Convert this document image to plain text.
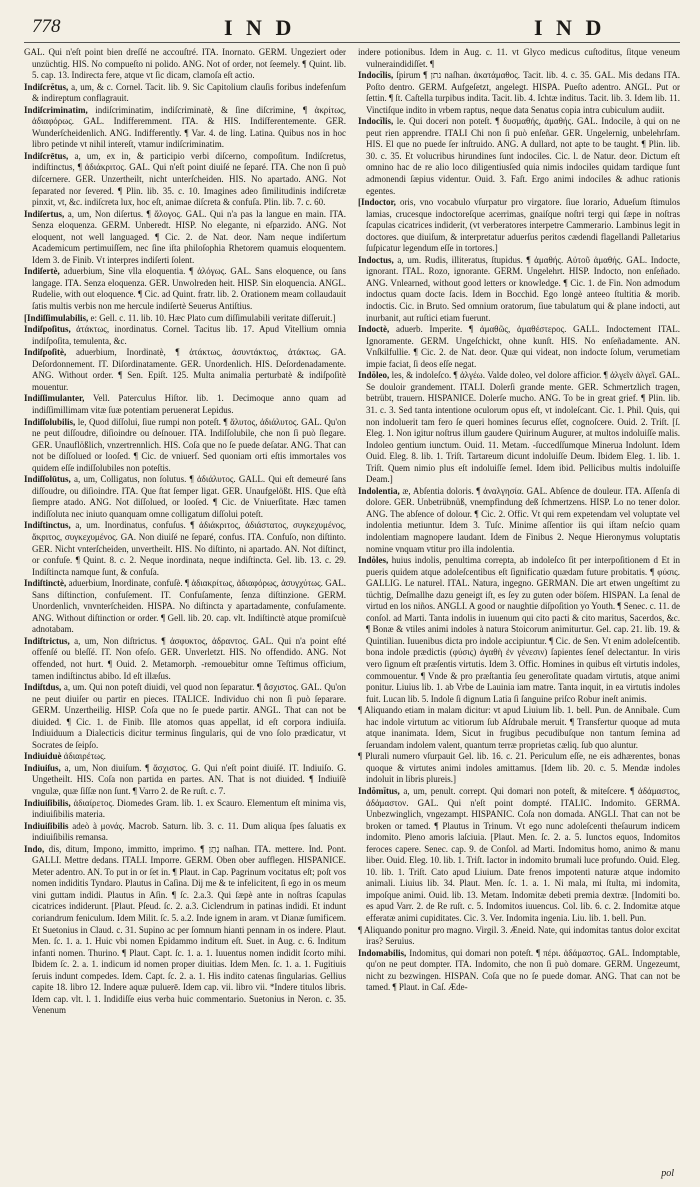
778	I N D	I N D

GAL. Qui n'eſt point bien dreſſé ne accouſtré. ITA. Inornato. GERM. Ungeziert oder unzüchtig. HIS. No compueſto ni polido. ANG. Not of order, not ſeemely. ¶ Quint. lib. 5. cap. 13. Indirecta fere, atque vt ſic dicam, clamoſa eſt actio.

Indiſcrĕtus, a, um, & c. Cornel. Tacit. lib. 9. Sic Capitolium clauſis foribus indefenſum & indireptum conflagrauit.

Indiſcriminatim, indiſcriminatim, indiſcriminatè, & ſine diſcrimine, ¶ ἀκρίτως, ἀδιαφόρως. GAL. Indifferemment. ITA. & HIS. Indiſferentemente. GER. Wunderſcheidenlich. ANG. Indifferently. ¶ Var. 4. de ling. Latina. Quibus nos in hoc libro petinde vt nihil intereſt, vtamur indiſcriminatim.

Indiſcrētus, a, um, ex in, & participio verbi diſcerno, compoſitum. Indiſcretus, indiſtinctus, ¶ ἀδιάκριτος. GAL. Qui n'eſt point diuiſé ne ſeparé. ITA. Che non ſi può diſcernere. GER. Unzertheilt, nicht unterſcheiden. HIS. No apartado. ANG. Not ſeparated nor ſevered. ¶ Plin. lib. 35. c. 10. Imagines adeo ſimilitudinis indiſcretæ pinxit, vt, &c. indiſcreta lux, hoc eſt, animae diſcreta & confuſa. Plin. lib. 7. c. 60.

Indiſertus, a, um, Non diſertus. ¶ ἄλογος. GAL. Qui n'a pas la langue en main. ITA. Senza eloquenza. GERM. Unberedt. HISP. No elegante, ni eſparzido. ANG. Not eloquent, not well languaged. ¶ Cic. 2. de Nat. deor. Nam neque indiſertum Academicum pertimuiſſem, nec ſine iſta philoſophia Rhetorem quamuis eloquentem. Idem 3. de Finib. Vt interpres indiſerti ſolent.

Indiſertè, aduerbium, Sine vlla eloquentia. ¶ ἀλόγως. GAL. Sans eloquence, ou ſans langage. ITA. Senza eloquenza. GER. Unwolreden heit. HISP. Sin eloquencia. ANGL. Rudelie, with out eloquence. ¶ Cic. ad Quint. fratr. lib. 2. Orationem meam collaudauit ſatis multis verbis non me hercule indiſertè Seuerus Antiſtius.

[Indiſſimulabilis, e: Gell. c. 11. lib. 10. Hæc Plato cum diſſimulabili veritate diſſeruit.]

Indiſpoſitus, ἀτάκτως, inordinatus. Cornel. Tacitus lib. 17. Apud Vitellium omnia indiſpoſita, temulenta, &c.

Indiſpoſitè, aduerbium, Inordinatè, ¶ ἀτάκτως, ἀσυντάκτως, ἀτάκτως. GA. Deſordonnement. IT. Diſordinatamente. GER. Unordenlich. HIS. Deſordenadamente. ANG. Without order. ¶ Sen. Epiſt. 125. Multa animalia perturbatè & indiſpoſitè mouentur.

Indiſſimulanter, Vell. Paterculus Hiſtor. lib. 1. Decimoque anno quam ad indiſſimillimam vitæ ſuæ potentiam peruenerat Lepidus.

Indiſſolubilis, le, Quod diſſolui, ſiue rumpi non poteſt. ¶ ἄλυτος, ἀδιάλυτος. GAL. Qu'on ne peut diſſoudre, diſioindre ou deſnouer. ITA. Indiſſolubile, che non ſi può ſlegare. GER. Unauflößlich, vnzertrennlich. HIS. Coſa que no ſe puede deſatar. ANG. That can not be diſſolued or looſed. ¶ Cic. de vniuerſ. Sed quoniam orti eſtis immortales vos quidem eſſe indiſſolubiles non poteſtis.

Indiſſolūtus, a, um, Colligatus, non ſolutus. ¶ ἀδιάλυτος. GALL. Qui eſt demeuré ſans diſſoudre, ou diſioindre. ITA. Que ſtat ſemper ligat. GER. Unaufgelößt. HIS. Que eſtà ſiempre atado. ANG. Not diſſolued, or looſed. ¶ Cic. de Vniuerſitate. Hæc tamen indiſſoluta nec iniuto quanquam omne colligatum diſſolui poteſt.

Indiſtinctus, a, um. Inordinatus, confuſus. ¶ ἀδιάκριτος, ἀδιάστατος, συγκεχυμένος, ἄκριτος, συγκεχυμένος. GA. Non diuiſé ne ſeparé, confus. ITA. Confuſo, non diſtinto. GER. Nicht vnterſcheiden, unvertheilt. HIS. No diſtinto, ni apartado. AN. Not diſtinct, or confuſe. ¶ Quint. 8. c. 2. Neque inordinata, neque indiſtincta. Gel. lib. 13. c. 29. Indiſtincta namque ſunt, & confuſa.

Indiſtinctè, aduerbium, Inordinate, confuſè. ¶ ἀδιακρίτως, ἀδιαφόρως, ἀσυγχύτως. GAL. Sans diſtinction, confuſement. IT. Confuſamente, ſenza diſtinzione. GERM. Unordenlich, vnvnterſcheiden. HISPA. No diſtincta y apartadamente, confuſamente. ANG. Without diſtinction or order. ¶ Gell. lib. 20. cap. vlt. Indiſtinctè atque promiſcuè adnotabam.

Indiſtrictus, a, um, Non diſtrictus. ¶ ἀσφυκτος, ἀδραντος. GAL. Qui n'a point eſté offenſé ou bleſſé. IT. Non ofeſo. GER. Unverletzt. HIS. No offendido. ANG. Not offended, not hurt. ¶ Ouid. 2. Metamorph. -remouebitur omne Teſtimus officium, tamen indiſtinctus abibo. Id eſt illæſus.

Indiſtdus, a, um. Qui non poteſt diuidi, vel quod non ſeparatur. ¶ ἄσχιστος. GAL. Qu'on ne peut diuiſer ou partir en pieces. ITALICE. Individuo chi non ſi può ſeparare. GERM. Unzertheilig. HISP. Coſa que no ſe puede partir. ANGL. That can not be diuided. ¶ Cic. 1. de Finib. Ille atomos quas appellat, id eſt corpora indiuiſa. Indiuiduum a Dialecticis dicitur terminus ſingularis, qui de vno ſolo prædicatur, vt Socrates de ſeipſo.

Indiuiduè ἀδιαιρέτως.

Indiuiſus, a, um, Non diuiſum. ¶ ἄσχιστος. G. Qui n'eſt point diuiſé. IT. Indiuiſo. G. Ungetheilt. HIS. Coſa non partida en partes. AN. That is not diuided. ¶ Indiuiſè vngulæ, quæ ſiſſæ non ſunt. ¶ Varro 2. de Re ruſt. c. 7.

Indiuiſibilis, ἀδιαίρετος. Diomedes Gram. lib. 1. ex Scauro. Elementum eſt minima vis, indiuiſibilis materia.

Indiuiſibilis adeò à μονάς. Macrob. Saturn. lib. 3. c. 11. Dum aliqua ſpes ſaluatis ex indiuiſibilis remansa.

Indo, dis, ditum, Impono, immitto, imprimo. ¶ נָתַן naſhan. ITA. mettere. Ind. Pont. GALLI. Mettre dedans. ITALI. Imporre. GERM. Oben ober aufflegen. HISPANICE. Meter adentro. AN. To put in or ſet in. ¶ Plaut. in Cap. Pagrinum vocitatus eſt; poſt vos nomen indiditis Tyndaro. Plautus in Caſina. Dij me & te infelicitent, ſi ego in os meum vini guttam indidi. Plautus in Aſin. ¶ ſc. 2.a.3. Qui ſæpè ante in noſtras ſcapulas cicatrices indiderunt. [Plaut. Pſeud. ſc. 2. a.3. Ciclendrum in patinas indidi. Et indunt coriandrum feniculum. Idem Milit. ſc. 5. a.2. Inde ignem in aram. vt Dianæ ſumificem. Et Suetonius in Claud. c. 31. Supino ac per ſomnum hianti pennam in os indere. Plaut. Men. ſc. 1. a. 1. Huic vbi nomen Epidammo inditum eſt. Suet. in Aug. c. 6. Inditum infanti nomen. Thurino. ¶ Plaut. Capt. ſc. 1. a. 1. Iuuentus nomen indidit ſcorto mihi. Ibidem ſc. 2. a. 1. indicum id nomen proper diuitias. Idem Men. ſc. 1. a. 1. Fugitiuis ſeruis indunt compedes. Idem. Capt. ſc. 2. a. 1. His indito catenas ſingularias. Gellius capite 18. libro 12. Indere aquæ puluerē. Idem cap. vii. libro vii. *Indere titulos libris. Idem cap. vlt. l. 1. Indidiſſe eius verba huic commentario. Suetonius in Neron. c. 35. Venenum

indere potionibus. Idem in Aug. c. 11. vt Glyco medicus cuſtoditus, ſitque veneum vulneraindidiſſet. ¶

Indocĭlis, ſpirum ¶ נתן naſhan. ἀκατάμαθος. Tacit. lib. 4. c. 35. GAL. Mis dedans ITA. Poſto dentro. GERM. Aufgeſetzt, angelegt. HISPA. Pueſto adentro. ANGL. Put or ſettin. ¶ ſt. Caſtella turpibus indita. Tacit. lib. 4. Ichtæ inditus. Tacit. lib. 3. Idem lib. 11. Vinctiſque indito in vrbem raptus, neque data Senatus copia intra cubiculum audiit.

Indocĭlis, le. Qui doceri non poteſt. ¶ δυσμαθής, ἀμαθής. GAL. Indocile, à qui on ne peut rien apprendre. ITALI Chi non ſi può enſeñar. GER. Ungelernig, unbelehrſam. HIS. El que no puede ſer inſtruido. ANG. A dullard, not apte to be taught. ¶ Plin. lib. 30. c. 35. Et volucribus hirundines ſunt indociles. Cic. l. de Natur. deor. Dictum eſt omnino hac de re alio loco diligentiusſed quia nimis indociles quidam tardique ſunt admonendi ſæpius videntur. Ouid. 3. Faſt. Ergo animi indociles & adhuc rationis egentes.

[Indoctor, oris, vno vocabulo vſurpatur pro virgatore. ſiue lorario, Adueſum ſtimulos lamias, crucesque indoctoreſque acerrimas, gnaiſque noſtri tergi qui ſæpe in noſtras ſcapulas cicatrices indiderit, (vt verberatores interpetre Cammerario. Lambinus legit in doctores. que diuiſum, & interpretatur aduerſus peritos cædendi flagellandi Palletarius ſuſpicatur legendum eſſe in tortores.]

Indoctus, a, um. Rudis, illiteratus, ſtupidus. ¶ ἀμαθής. Αὐτοῦ ἀμαθής. GAL. Indocte, ignorant. ITAL. Rozo, ignorante. GERM. Ungelehrt. HISP. Indocto, non enſeñado. ANG. Vnlearned, without good letters or knowledge. ¶ Cic. 1. de Fin. Non admodum indoctus quam docte ſacis. Idem in Bocchid. Ego longè anteeo ſtultitia & morib. indoctis. Cic. in Bruto. Sed omnium oratorum, ſiue tabulatum qui & plane indocti, aut inurbanit, aut ruſtici etiam fuerunt.

Indoctè, aduerb. Imperite. ¶ ἀμαθῶς, ἀμαθέστερος. GALL. Indoctement ITAL. Ignoramente. GERM. Ungeſchickt, ohne kunſt. HIS. No enſeñadamente. AN. Vnſkilfullie. ¶ Cic. 2. de Nat. deor. Quæ qui videat, non indocte ſolum, verumetiam impie faciat, ſi deos eſſe negat.

Indŏleo, les, & indoleſco. ¶ ἀλγέω. Valde doleo, vel dolore afficior. ¶ ἀλγεῖν ἀλγεῖ. GAL. Se douloir grandement. ITALI. Dolerſi grande mente. GER. Schmertzlich tragen, betrübt, trauern. HISPANICE. Dolerſe mucho. ANG. To be in great grief. ¶ Plin. lib. 31. c. 3. Sed tanta intentione oculorum opus eſt, vt indoleſcant. Cic. 1. Phil. Quis, qui non indoluerit tam fero ſe queri homines ſecurus eſſet, cognoſcere. Ouid. 2. Triſt. [ſ. Eleg. 1. Non igitur noſtrus illum gaudere Quirinum Augurer, at multos indoluiſſe malis. Indoleo gentium iunctum. Ouid. 11. Metam. -ſuccedſſumque Minerua Indolunt. Idem Ouid. Eleg. 8. lib. 1. Triſt. Tartareum dicunt indoluiſſe Deum. Ibidem Eleg. 1. lib. 1. Triſt. Quem nimio plus eſt indoluiſſe ſemel. Idem ibid. Pellicibus multis indoluiſſe Deam.]

Indolentia, æ, Abſentia doloris. ¶ ἀναλγησία. GAL. Abſence de douleur. ITA. Aſſenſa di dolore. GER. Unbetrübnüß, vnempfindung deß ſchmertzens. HISP. Lo no tener dolor. ANG. The abſence of dolour. ¶ Cic. 2. Offic. Vt qui rem expetendam vel voluptate vel indolentia metiuntur. Idem 3. Tuſc. Minime aſſentior iis qui iſtam neſcio quam indolentiam magnopere laudant. Idem de Finibus 2. Neque Hieronymus voluptatis nomine vnquam vtitur pro illa indolentia.

Indŏles, huius indolis, penultima correpta, ab indoleſco ſit per interpoſitionem d Et in pueris quidem atque adoleſcentibus eſt ſignificatio quædam future probitatis. ¶ φύσις. GALLIG. Le naturel. ITAL. Natura, ingegno. GERMAN. Die art etwen ungeſtimt zu tüchtig, Deſmallhe dazu geneigt iſt, es ſey zu guten oder böſem. HISPAN. La ſenal de virtud en los niños. ANGLI. A good or naughtie diſpoſition yo Youth. ¶ Senec. c. 11. de conſol. ad Marti. Tanta indolis in iuuenum qui cito pacti & cito maritus, Sacerdos, &c. ¶ Bonæ & vtiles animi indoles à natura Stoicorum animiturtur. Gel. cap. 21. lib. 19. & Quintilian. Iuuenibus dicta pro indole accipiuntur. ¶ Cic. de Sen. Vt enim adoleſcentib. bona indole prædictis (φύσις) ἀγαθὴ ἐν γένεσιν) ſapientes ſeneſ delectantur. In viris vero ſignum eſt præſentis virtutis. Idem 3. Offic. Homines in quibus eſt virtutis indoles, commouentur. ¶ Vnde & pro præſtantia ſeu generoſitate quadam virtutis, atque animi ponitur. Liuius lib. 1. ab Vrbe de Lauinia iam matre. Tanta inquit, in ea virtutis indoles fuit. Lucan lib. 5. Indole ſi dignum Latia ſi ſanguine priſco Robur ineſt animis.

¶ Aliquando etiam in malam dicitur: vt apud Liuium lib. 1. bell. Pun. de Annibale. Cum hac indole virtutum ac vitiorum ſub Aſdrubale meruit. ¶ Transfertur quoque ad muta atque inanimata. Idem, Sicut in frugibus pecudibuſque non tantum ſemina ad ſeruandam indolem valent, quantum terræ proprietas cæliq. ſub quo aluntur.

¶ Plurali numero vſurpauit Gel. lib. 16. c. 21. Periculum eſſe, ne eis adhærentes, bonas quoque & virtutes animi indoles amittamus. [Idem lib. 20. c. 5. Mendæ indoles indoluit in libris plureis.]

Indŏmĭtus, a, um, penult. corrept. Qui domari non poteſt, & miteſcere. ¶ ἀδάμαστος, ἀδάμαστον. GAL. Qui n'eſt point dompté. ITALIC. Indomito. GERMA. Unbezwinglich, vngezampt. HISPANIC. Coſa non domada. ANGLI. That can not be broken or tamed. ¶ Plautus in Trinum. Vt ego nunc adoleſcenti theſaurum indicem indomito. Pleno amoris laſciuia. [Plaut. Men. ſc. 2. a. 5. Iunctos equos, Indomitos feroces capere. Senec. cap. 9. de Conſol. ad Marti. Indomitus homo, animo & manu liber. Ouid. Eleg. 10. lib. 1. Triſt. Iactor in indomito brumali luce profundo. Ouid. Eleg. 10. lib. 1. Triſt. Cato apud Liuium. Date frenos impotenti naturæ atque indomito animali. Liuius lib. 34. Plaut. Men. ſc. 1. a. 1. Ni mala, mi ſtulta, mi indomita, impoſque animi. Ouid. lib. 13. Metam. Indomitæ debeti premia dextræ. [Indomiti bo. es apud Varr. 2. de Re ruſt. c. 5. Indomitos iuuencus. Col. lib. 6. c. 2. Indomitæ atque efferatæ animi cupiditates. Cic. 3. Ver. Indomita ingenia. Liu. lib. 1. bell. Pun.

¶ Aliquando ponitur pro magno. Virgil. 3. Æneid. Nate, qui indomitas tantus dolor excitat iras? Seruius.

Indomabilis, Indomitus, qui domari non poteſt. ¶ πέρι. ἀδάμαστος. GAL. Indomptable, qu'on ne peut dompter. ITA. Indomito, che non ſi può domare. GERM. Ungezeumt, nicht zu bezwingen. HISPAN. Coſa que no ſe puede domar. ANG. That can not be tamed. ¶ Plaut. in Caſ. Æde-

pol
